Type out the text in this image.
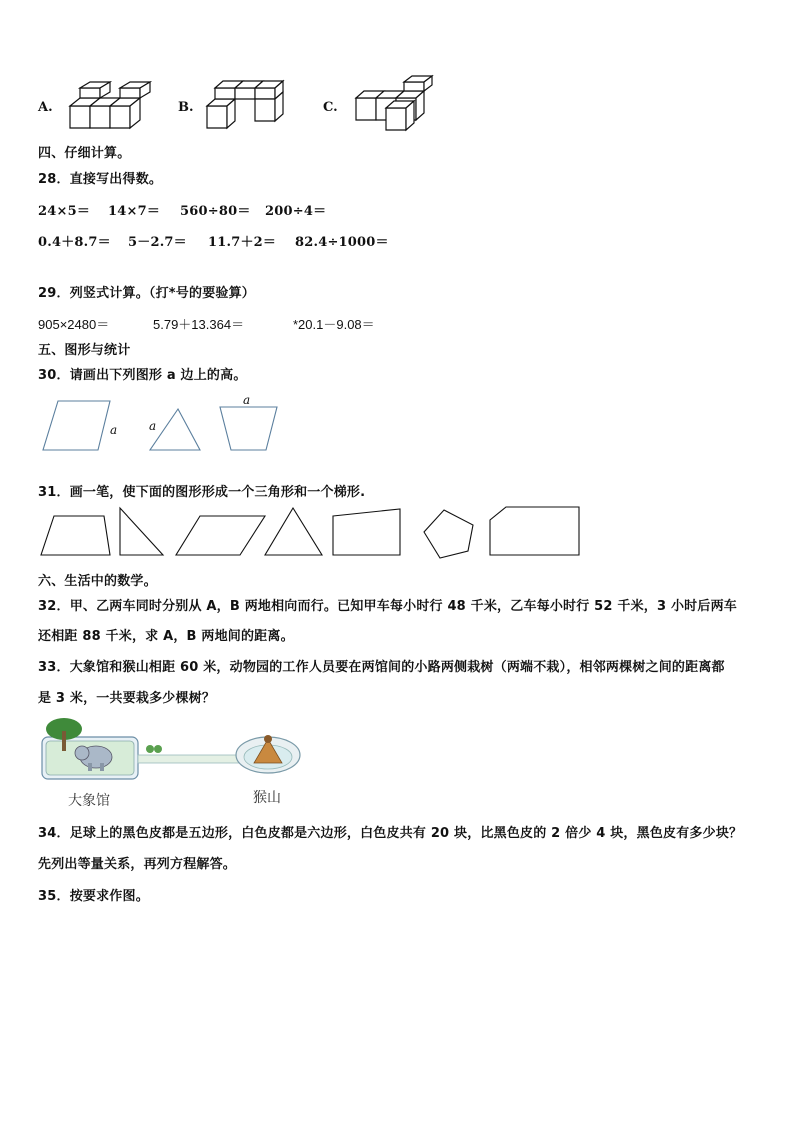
A.	B.	C.
四、仔细计算。
28．直接写出得数。
24×5＝ 14×7＝ 560÷80＝ 200÷4＝
0.4＋8.7＝ 5－2.7＝ 11.7＋2＝ 82.4÷1000＝
29．列竖式计算。（打*号的要验算）
905×2480＝	5.79＋13.364＝	*20.1－9.08＝
五、图形与统计
30．请画出下列图形 a 边上的高。
a	a
a
31．画一笔，使下面的图形形成一个三角形和一个梯形.
六、生活中的数学。
32．甲、乙两车同时分别从 A，B 两地相向而行。已知甲车每小时行 48 千米，乙车每小时行 52 千米，3 小时后两车
还相距 88 千米，求 A，B 两地间的距离。
33．大象馆和猴山相距 60 米，动物园的工作人员要在两馆间的小路两侧栽树（两端不栽），相邻两棵树之间的距离都
是 3 米，一共要栽多少棵树？
大象馆	猴山
34．足球上的黑色皮都是五边形，白色皮都是六边形，白色皮共有 20 块，比黑色皮的 2 倍少 4 块，黑色皮有多少块？
先列出等量关系，再列方程解答。
35．按要求作图。
